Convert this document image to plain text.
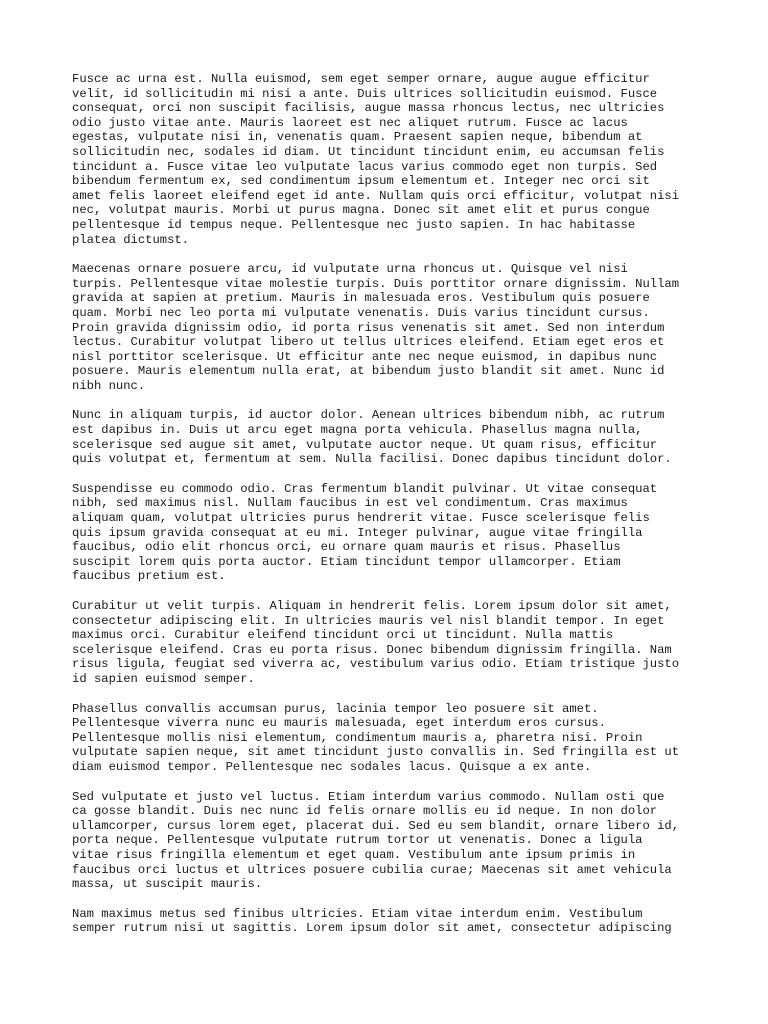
Fusce ac urna est. Nulla euismod, sem eget semper ornare, augue augue efficitur
velit, id sollicitudin mi nisi a ante. Duis ultrices sollicitudin euismod. Fusce
consequat, orci non suscipit facilisis, augue massa rhoncus lectus, nec ultricies
odio justo vitae ante. Mauris laoreet est nec aliquet rutrum. Fusce ac lacus
egestas, vulputate nisi in, venenatis quam. Praesent sapien neque, bibendum at
sollicitudin nec, sodales id diam. Ut tincidunt tincidunt enim, eu accumsan felis
tincidunt a. Fusce vitae leo vulputate lacus varius commodo eget non turpis. Sed
bibendum fermentum ex, sed condimentum ipsum elementum et. Integer nec orci sit
amet felis laoreet eleifend eget id ante. Nullam quis orci efficitur, volutpat nisi
nec, volutpat mauris. Morbi ut purus magna. Donec sit amet elit et purus congue
pellentesque id tempus neque. Pellentesque nec justo sapien. In hac habitasse
platea dictumst.

Maecenas ornare posuere arcu, id vulputate urna rhoncus ut. Quisque vel nisi
turpis. Pellentesque vitae molestie turpis. Duis porttitor ornare dignissim. Nullam
gravida at sapien at pretium. Mauris in malesuada eros. Vestibulum quis posuere
quam. Morbi nec leo porta mi vulputate venenatis. Duis varius tincidunt cursus.
Proin gravida dignissim odio, id porta risus venenatis sit amet. Sed non interdum
lectus. Curabitur volutpat libero ut tellus ultrices eleifend. Etiam eget eros et
nisl porttitor scelerisque. Ut efficitur ante nec neque euismod, in dapibus nunc
posuere. Mauris elementum nulla erat, at bibendum justo blandit sit amet. Nunc id
nibh nunc.

Nunc in aliquam turpis, id auctor dolor. Aenean ultrices bibendum nibh, ac rutrum
est dapibus in. Duis ut arcu eget magna porta vehicula. Phasellus magna nulla,
scelerisque sed augue sit amet, vulputate auctor neque. Ut quam risus, efficitur
quis volutpat et, fermentum at sem. Nulla facilisi. Donec dapibus tincidunt dolor.

Suspendisse eu commodo odio. Cras fermentum blandit pulvinar. Ut vitae consequat
nibh, sed maximus nisl. Nullam faucibus in est vel condimentum. Cras maximus
aliquam quam, volutpat ultricies purus hendrerit vitae. Fusce scelerisque felis
quis ipsum gravida consequat at eu mi. Integer pulvinar, augue vitae fringilla
faucibus, odio elit rhoncus orci, eu ornare quam mauris et risus. Phasellus
suscipit lorem quis porta auctor. Etiam tincidunt tempor ullamcorper. Etiam
faucibus pretium est.

Curabitur ut velit turpis. Aliquam in hendrerit felis. Lorem ipsum dolor sit amet,
consectetur adipiscing elit. In ultricies mauris vel nisl blandit tempor. In eget
maximus orci. Curabitur eleifend tincidunt orci ut tincidunt. Nulla mattis
scelerisque eleifend. Cras eu porta risus. Donec bibendum dignissim fringilla. Nam
risus ligula, feugiat sed viverra ac, vestibulum varius odio. Etiam tristique justo
id sapien euismod semper.

Phasellus convallis accumsan purus, lacinia tempor leo posuere sit amet.
Pellentesque viverra nunc eu mauris malesuada, eget interdum eros cursus.
Pellentesque mollis nisi elementum, condimentum mauris a, pharetra nisi. Proin
vulputate sapien neque, sit amet tincidunt justo convallis in. Sed fringilla est ut
diam euismod tempor. Pellentesque nec sodales lacus. Quisque a ex ante.

Sed vulputate et justo vel luctus. Etiam interdum varius commodo. Nullam osti que
ca gosse blandit. Duis nec nunc id felis ornare mollis eu id neque. In non dolor
ullamcorper, cursus lorem eget, placerat dui. Sed eu sem blandit, ornare libero id,
porta neque. Pellentesque vulputate rutrum tortor ut venenatis. Donec a ligula
vitae risus fringilla elementum et eget quam. Vestibulum ante ipsum primis in
faucibus orci luctus et ultrices posuere cubilia curae; Maecenas sit amet vehicula
massa, ut suscipit mauris.

Nam maximus metus sed finibus ultricies. Etiam vitae interdum enim. Vestibulum
semper rutrum nisi ut sagittis. Lorem ipsum dolor sit amet, consectetur adipiscing
